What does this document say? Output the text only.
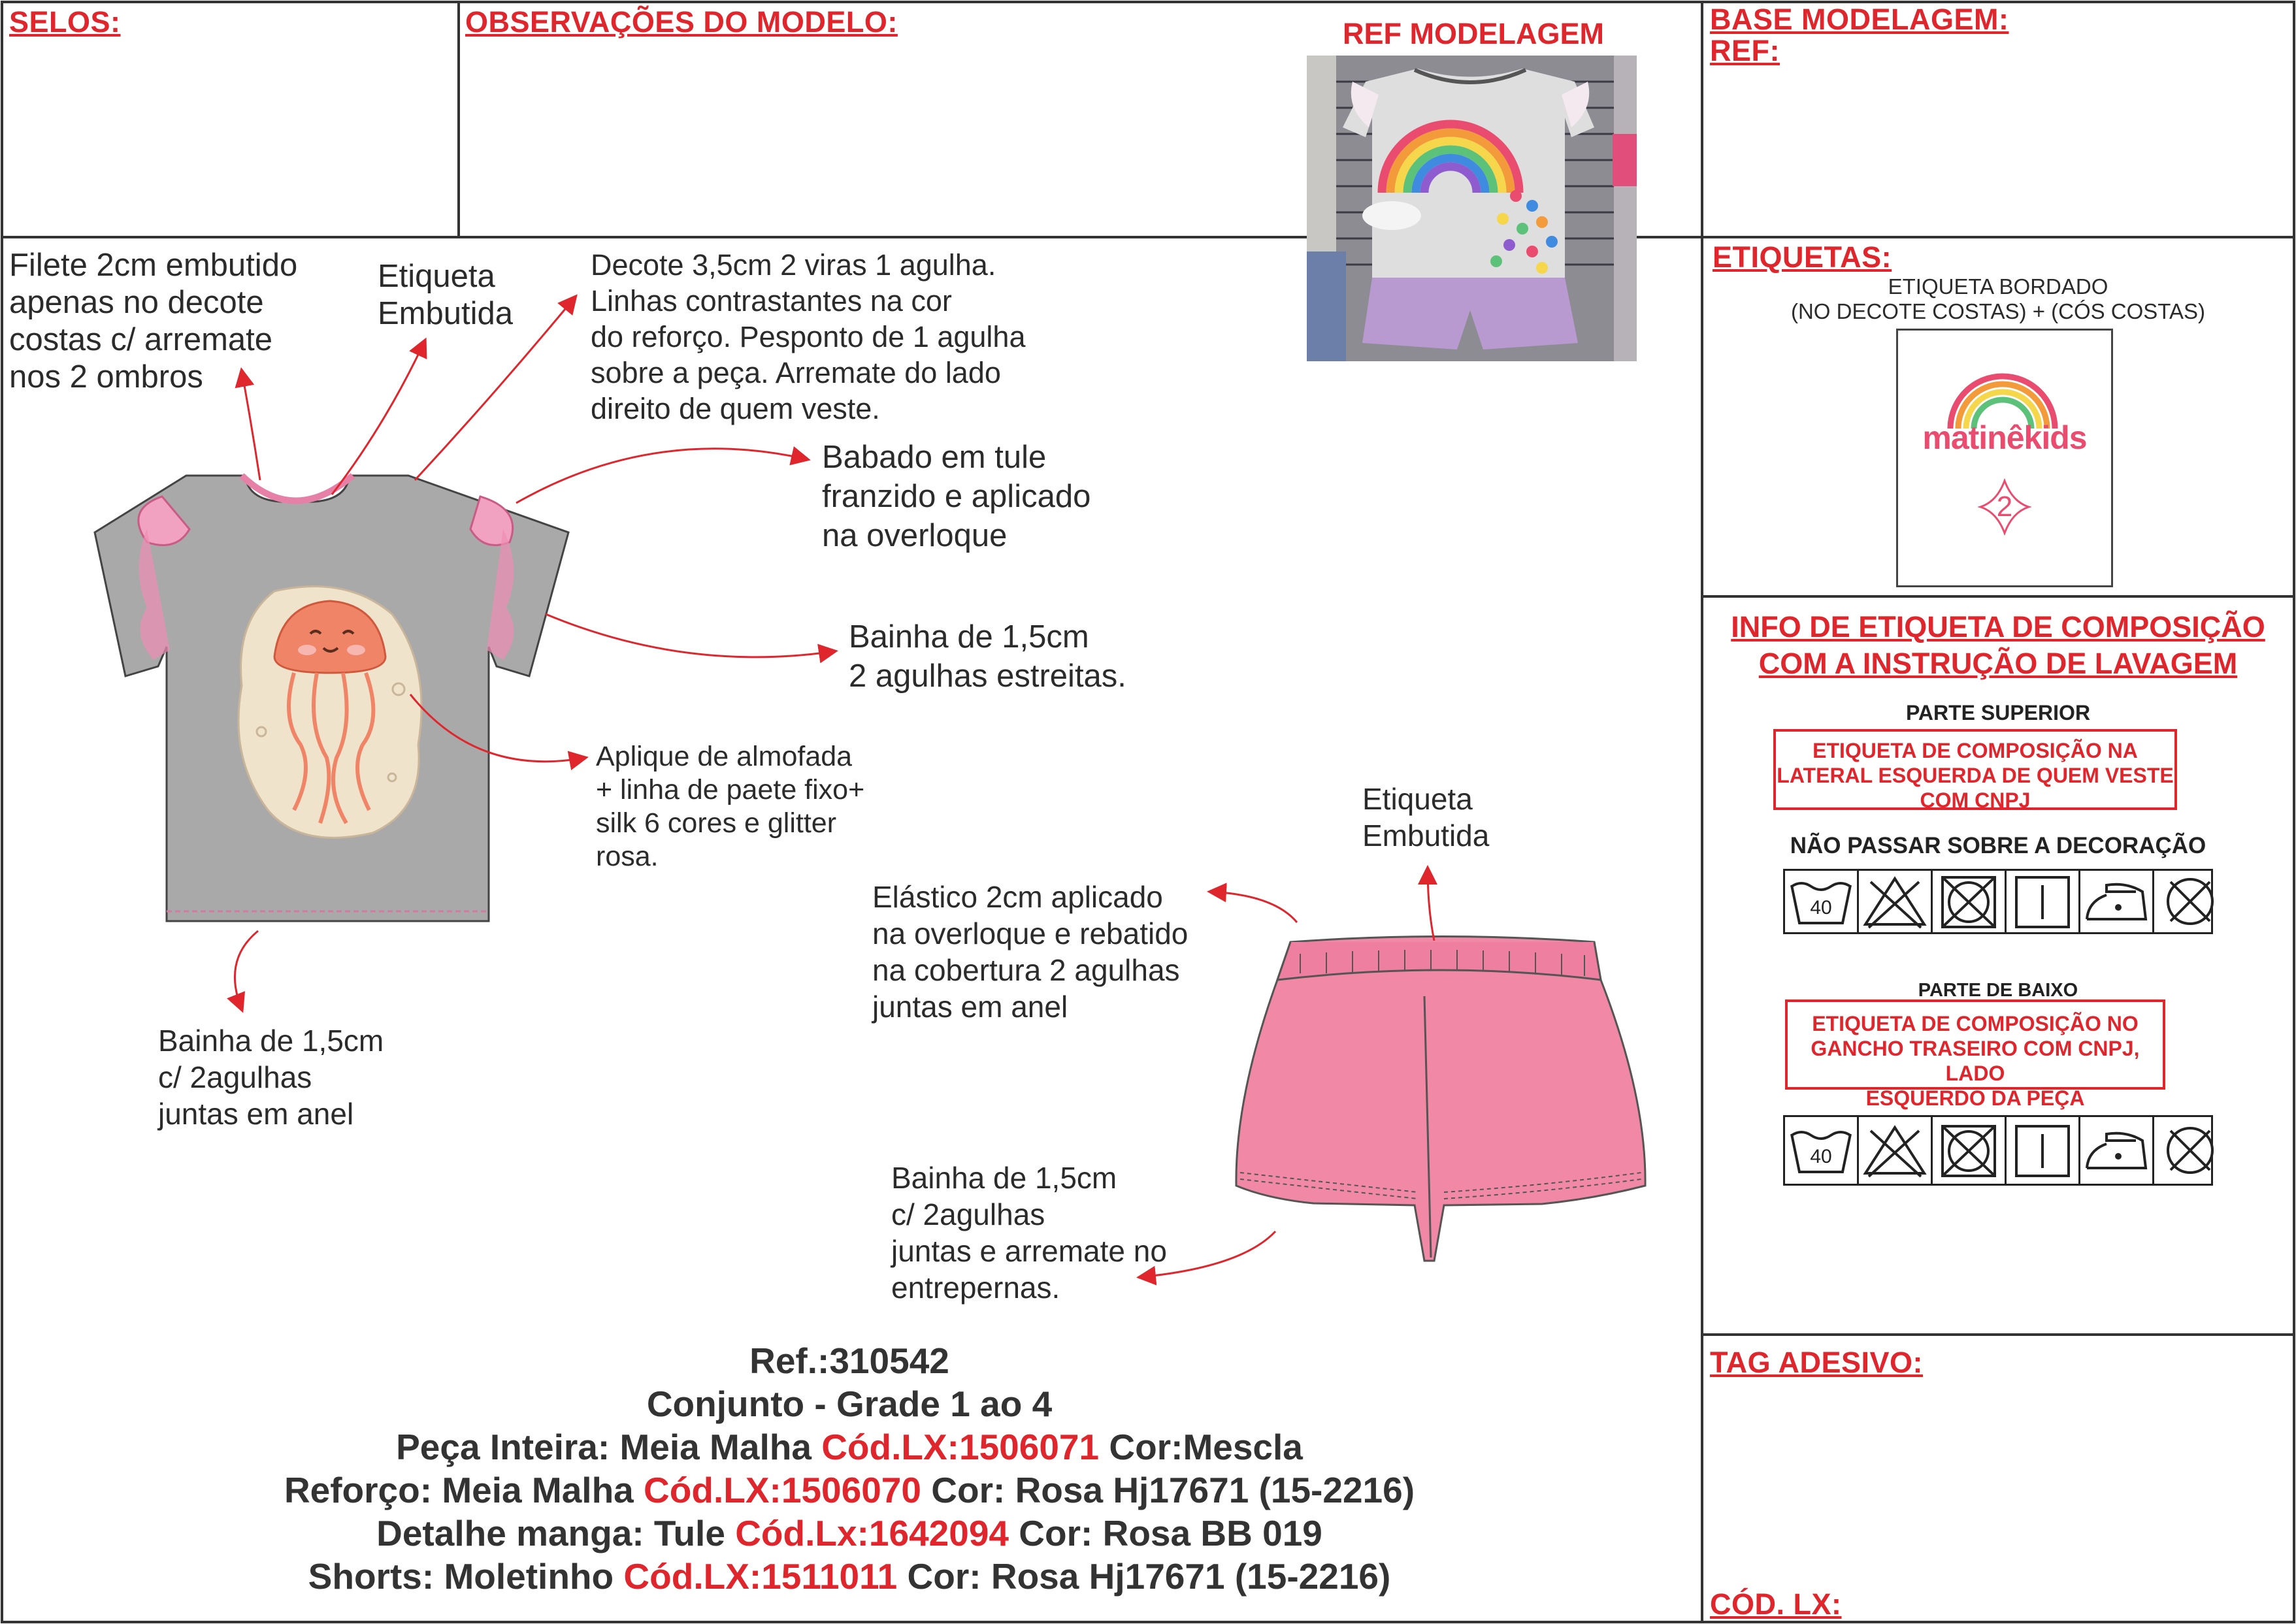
SELOS:	OBSERVAÇÕES DO MODELO:	REF MODELAGEM	BASE MODELAGEM:
REF:
ETIQUETAS:
TAG ADESIVO:
CÓD. LX:
Filete 2cm embutido
apenas no decote
costas c/ arremate
nos 2 ombros
Etiqueta
Embutida
Decote 3,5cm 2 viras 1 agulha.
Linhas contrastantes na cor
do reforço. Pesponto de 1 agulha
sobre a peça. Arremate do lado
direito de quem veste.
Babado em tule
franzido e aplicado
na overloque
Bainha de 1,5cm
2 agulhas estreitas.
Aplique de almofada
+ linha de paete fixo+
silk 6 cores e glitter
rosa.
Bainha de 1,5cm
c/ 2agulhas
juntas em anel
Etiqueta
Embutida
Elástico 2cm aplicado
na overloque e rebatido
na cobertura 2 agulhas
juntas em anel
Bainha de 1,5cm
c/ 2agulhas
juntas e arremate no
entrepernas.
Ref.:310542
Conjunto - Grade 1 ao 4
Peça Inteira: Meia Malha Cód.LX:1506071 Cor:Mescla
Reforço: Meia Malha Cód.LX:1506070 Cor: Rosa Hj17671 (15-2216)
Detalhe manga: Tule Cód.Lx:1642094 Cor: Rosa BB 019
Shorts: Moletinho Cód.LX:1511011 Cor: Rosa Hj17671 (15-2216)
ETIQUETA BORDADO
(NO DECOTE COSTAS) + (CÓS COSTAS)
matinêkids
2
INFO DE ETIQUETA DE COMPOSIÇÃO
COM A INSTRUÇÃO DE LAVAGEM
PARTE SUPERIOR
ETIQUETA DE COMPOSIÇÃO NA
LATERAL ESQUERDA DE QUEM VESTE
COM CNPJ
NÃO PASSAR SOBRE A DECORAÇÃO
40
PARTE DE BAIXO
ETIQUETA DE COMPOSIÇÃO NO
GANCHO TRASEIRO COM CNPJ, LADO
ESQUERDO DA PEÇA
40
